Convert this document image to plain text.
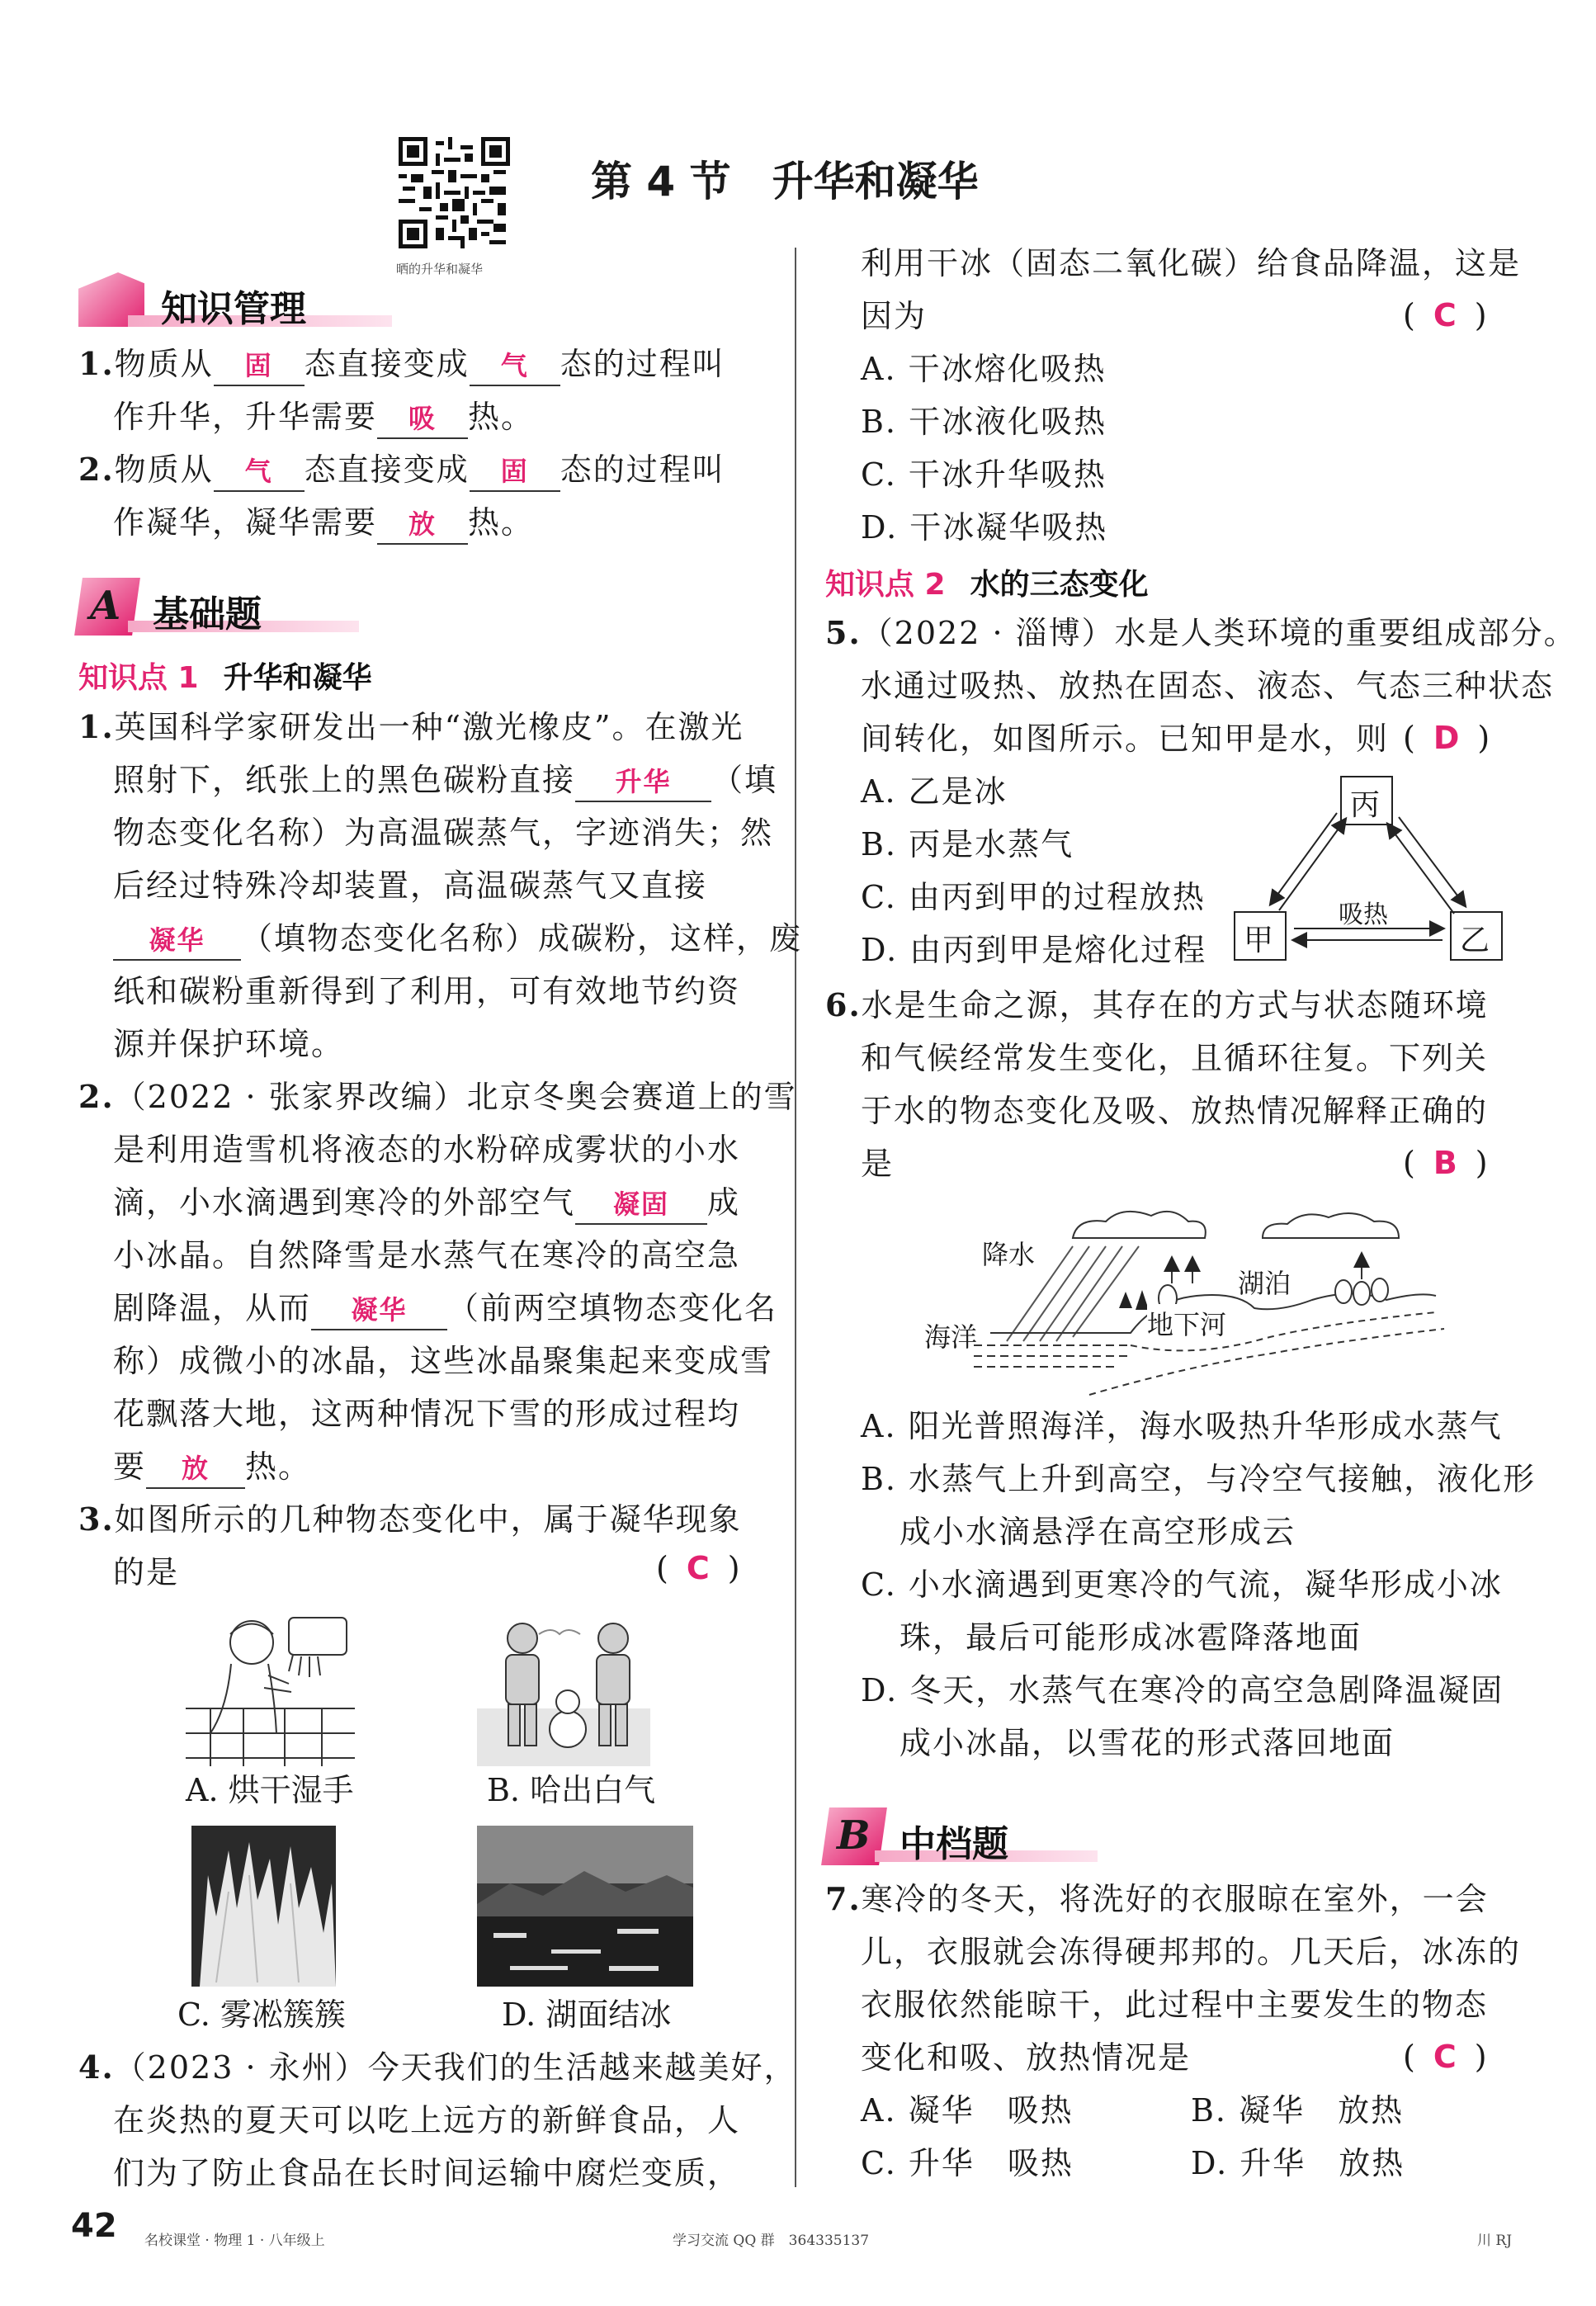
晒的升华和凝华
第 4 节　升华和凝华
知识管理
1.物质从 固 态直接变成 气 态的过程叫
作升华，升华需要 吸 热。
2.物质从 气 态直接变成 固 态的过程叫
作凝华，凝华需要 放 热。
A 基础题
知识点 1 升华和凝华
1.英国科学家研发出一种“激光橡皮”。在激光
照射下，纸张上的黑色碳粉直接 升华 （填
物态变化名称）为高温碳蒸气，字迹消失；然
后经过特殊冷却装置，高温碳蒸气又直接
凝华 （填物态变化名称）成碳粉，这样，废
纸和碳粉重新得到了利用，可有效地节约资
源并保护环境。
2.（2022 · 张家界改编）北京冬奥会赛道上的雪
是利用造雪机将液态的水粉碎成雾状的小水
滴，小水滴遇到寒冷的外部空气 凝固 成
小冰晶。自然降雪是水蒸气在寒冷的高空急
剧降温，从而 凝华 （前两空填物态变化名
称）成微小的冰晶，这些冰晶聚集起来变成雪
花飘落大地，这两种情况下雪的形成过程均
要 放 热。
3.如图所示的几种物态变化中，属于凝华现象
的是	( C )
A. 烘干湿手	B. 哈出白气
C. 雾凇簇簇	D. 湖面结冰
4.（2023 · 永州）今天我们的生活越来越美好，
在炎热的夏天可以吃上远方的新鲜食品，人
们为了防止食品在长时间运输中腐烂变质，
利用干冰（固态二氧化碳）给食品降温，这是
因为	( C )
A. 干冰熔化吸热
B. 干冰液化吸热
C. 干冰升华吸热
D. 干冰凝华吸热
知识点 2 水的三态变化
5.（2022 · 淄博）水是人类环境的重要组成部分。
水通过吸热、放热在固态、液态、气态三种状态
间转化，如图所示。已知甲是水，则 ( D )
A. 乙是冰
B. 丙是水蒸气
C. 由丙到甲的过程放热
D. 由丙到甲是熔化过程
丙
甲	乙
吸热
6.水是生命之源，其存在的方式与状态随环境
和气候经常发生变化，且循环往复。下列关
于水的物态变化及吸、放热情况解释正确的
是	( B )
降水
湖泊
海洋	地下河
A. 阳光普照海洋，海水吸热升华形成水蒸气
B. 水蒸气上升到高空，与冷空气接触，液化形
成小水滴悬浮在高空形成云
C. 小水滴遇到更寒冷的气流，凝华形成小冰
珠，最后可能形成冰雹降落地面
D. 冬天，水蒸气在寒冷的高空急剧降温凝固
成小冰晶，以雪花的形式落回地面
B 中档题
7.寒冷的冬天，将洗好的衣服晾在室外，一会
儿，衣服就会冻得硬邦邦的。几天后，冰冻的
衣服依然能晾干，此过程中主要发生的物态
变化和吸、放热情况是	( C )
A. 凝华　吸热	B. 凝华　放热
C. 升华　吸热	D. 升华　放热
42 名校课堂 · 物理 1 · 八年级上	学习交流 QQ 群　364335137	川 RJ
